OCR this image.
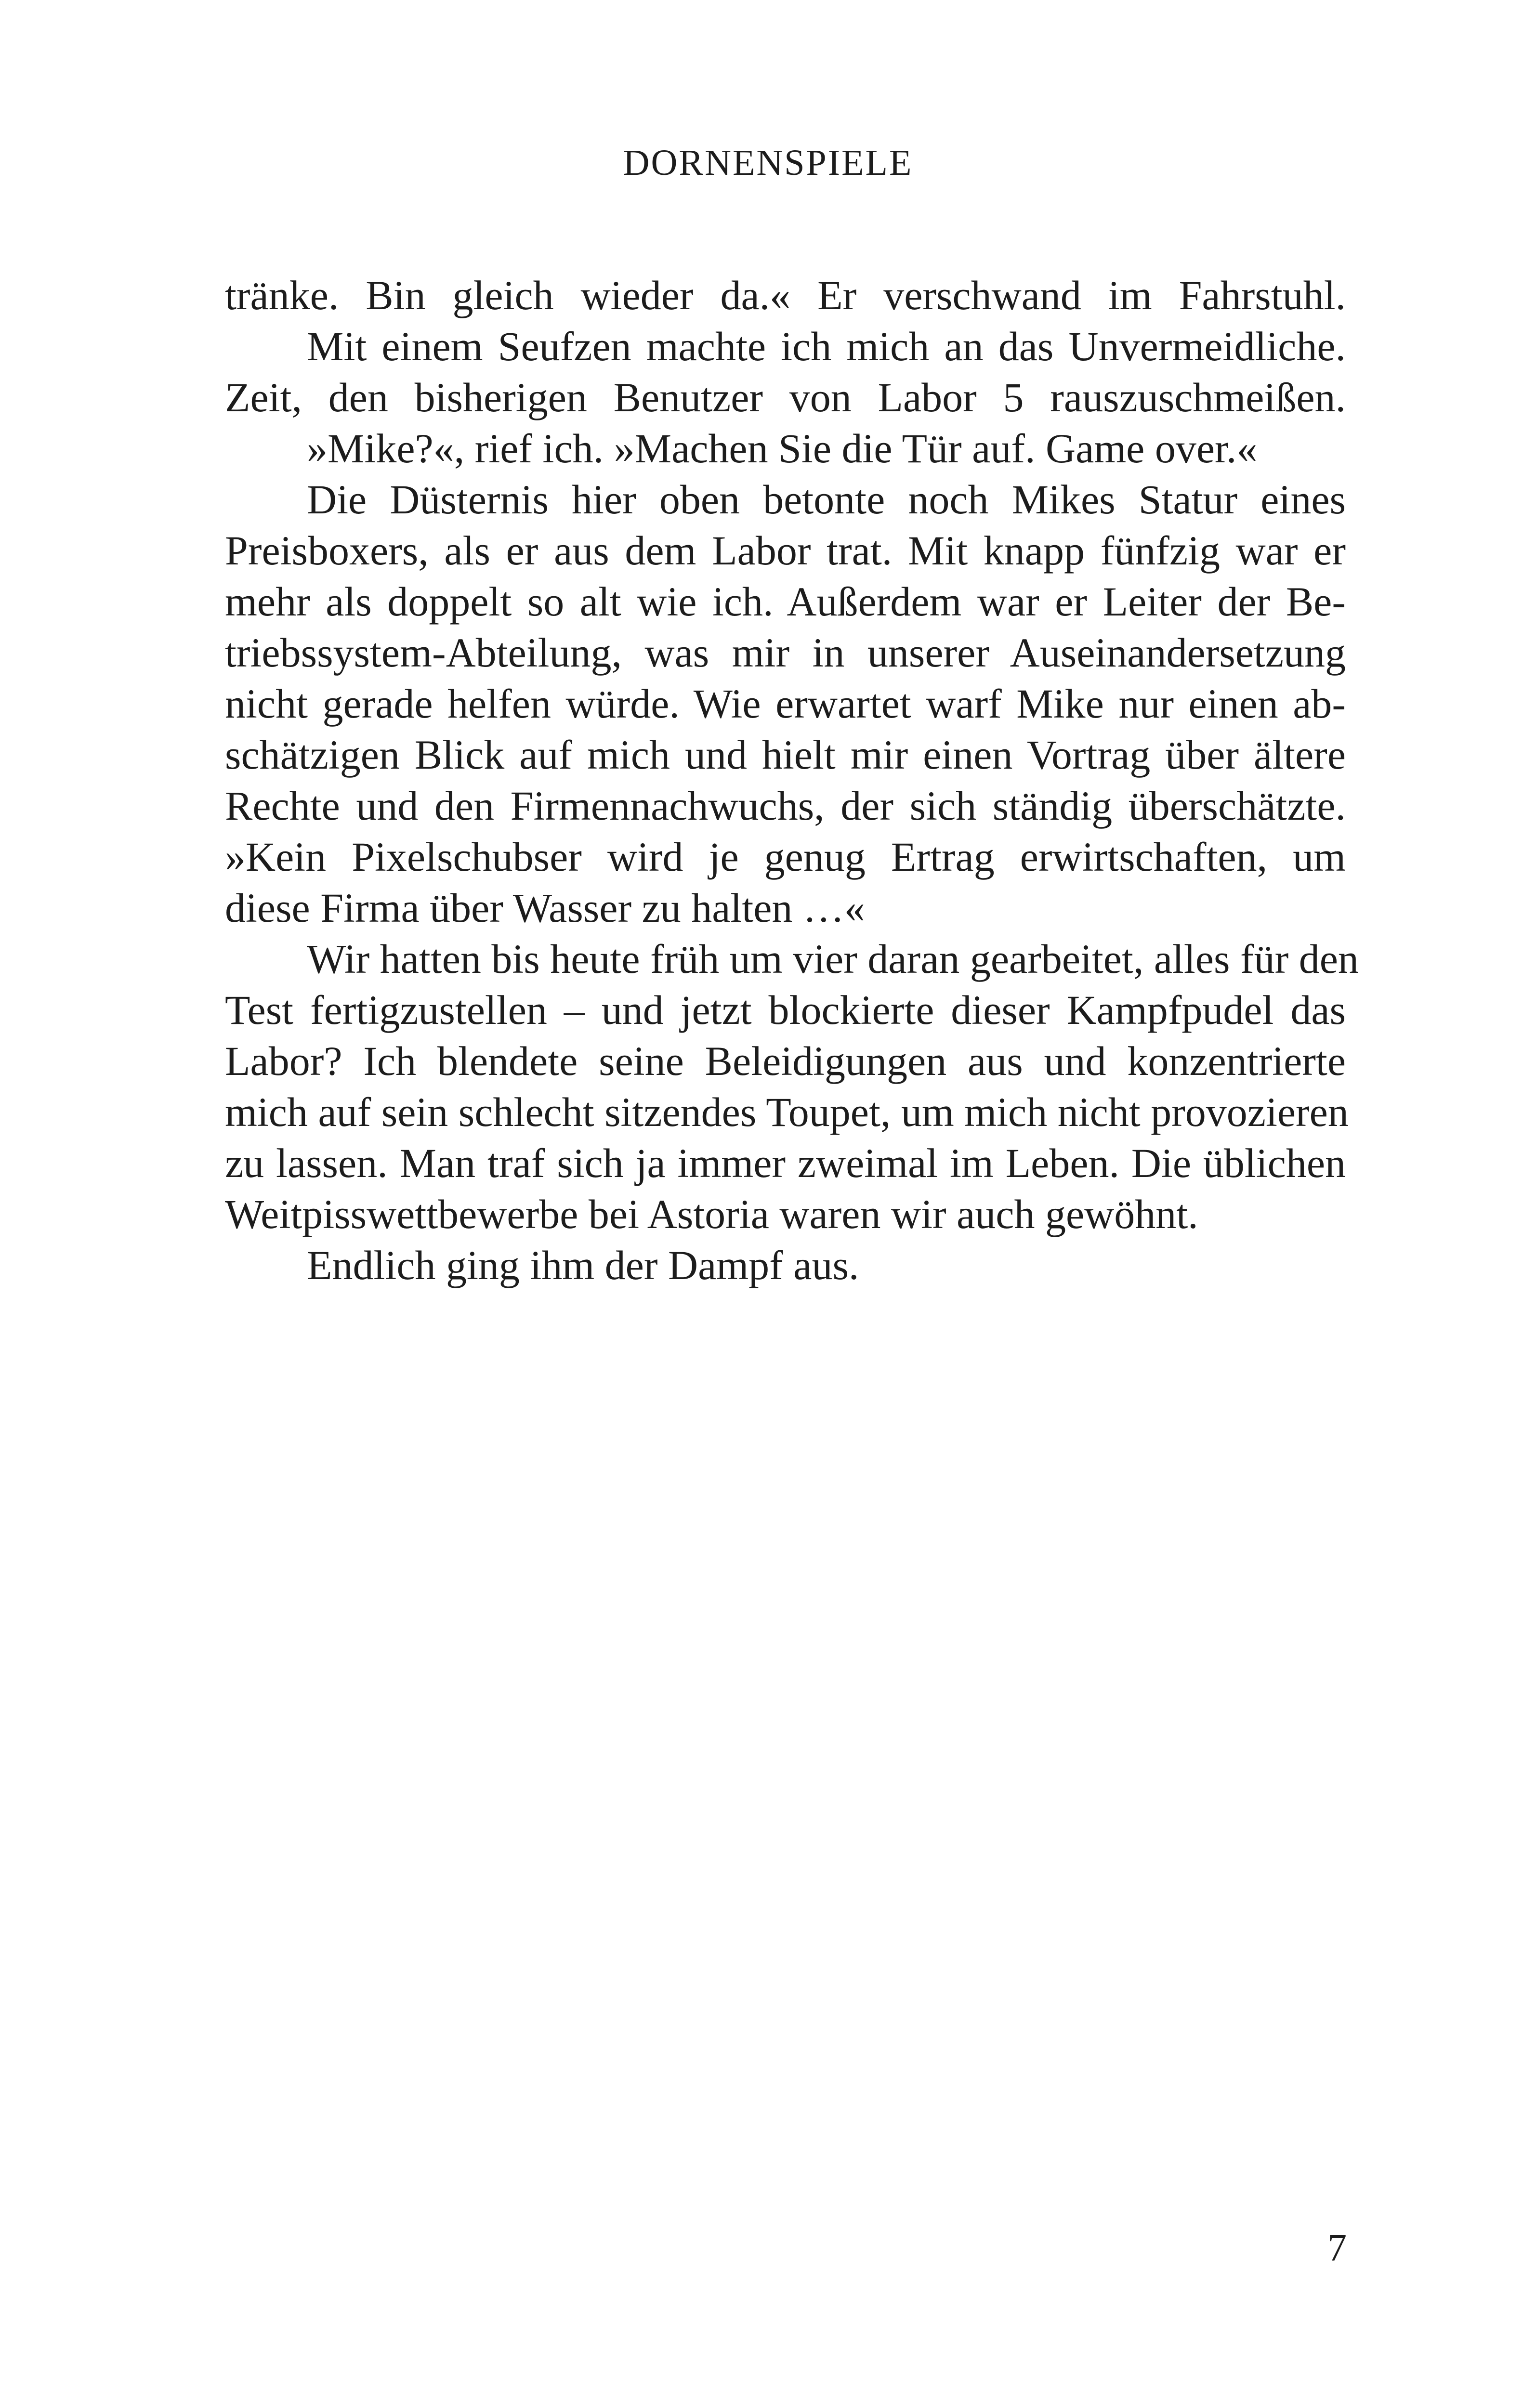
DORNENSPIELE
tränke. Bin gleich wieder da.« Er verschwand im Fahrstuhl.
Mit einem Seufzen machte ich mich an das Unvermeidliche.
Zeit, den bisherigen Benutzer von Labor 5 rauszuschmeißen.
»Mike?«, rief ich. »Machen Sie die Tür auf. Game over.«
Die Düsternis hier oben betonte noch Mikes Statur eines
Preisboxers, als er aus dem Labor trat. Mit knapp fünfzig war er
mehr als doppelt so alt wie ich. Außerdem war er Leiter der Be-
triebssystem-Abteilung, was mir in unserer Auseinandersetzung
nicht gerade helfen würde. Wie erwartet warf Mike nur einen ab-
schätzigen Blick auf mich und hielt mir einen Vortrag über ältere
Rechte und den Firmennachwuchs, der sich ständig überschätzte.
»Kein Pixelschubser wird je genug Ertrag erwirtschaften, um
diese Firma über Wasser zu halten …«
Wir hatten bis heute früh um vier daran gearbeitet, alles für den
Test fertigzustellen – und jetzt blockierte dieser Kampfpudel das
Labor? Ich blendete seine Beleidigungen aus und konzentrierte
mich auf sein schlecht sitzendes Toupet, um mich nicht provozieren
zu lassen. Man traf sich ja immer zweimal im Leben. Die üblichen
Weitpisswettbewerbe bei Astoria waren wir auch gewöhnt.
Endlich ging ihm der Dampf aus.
7
